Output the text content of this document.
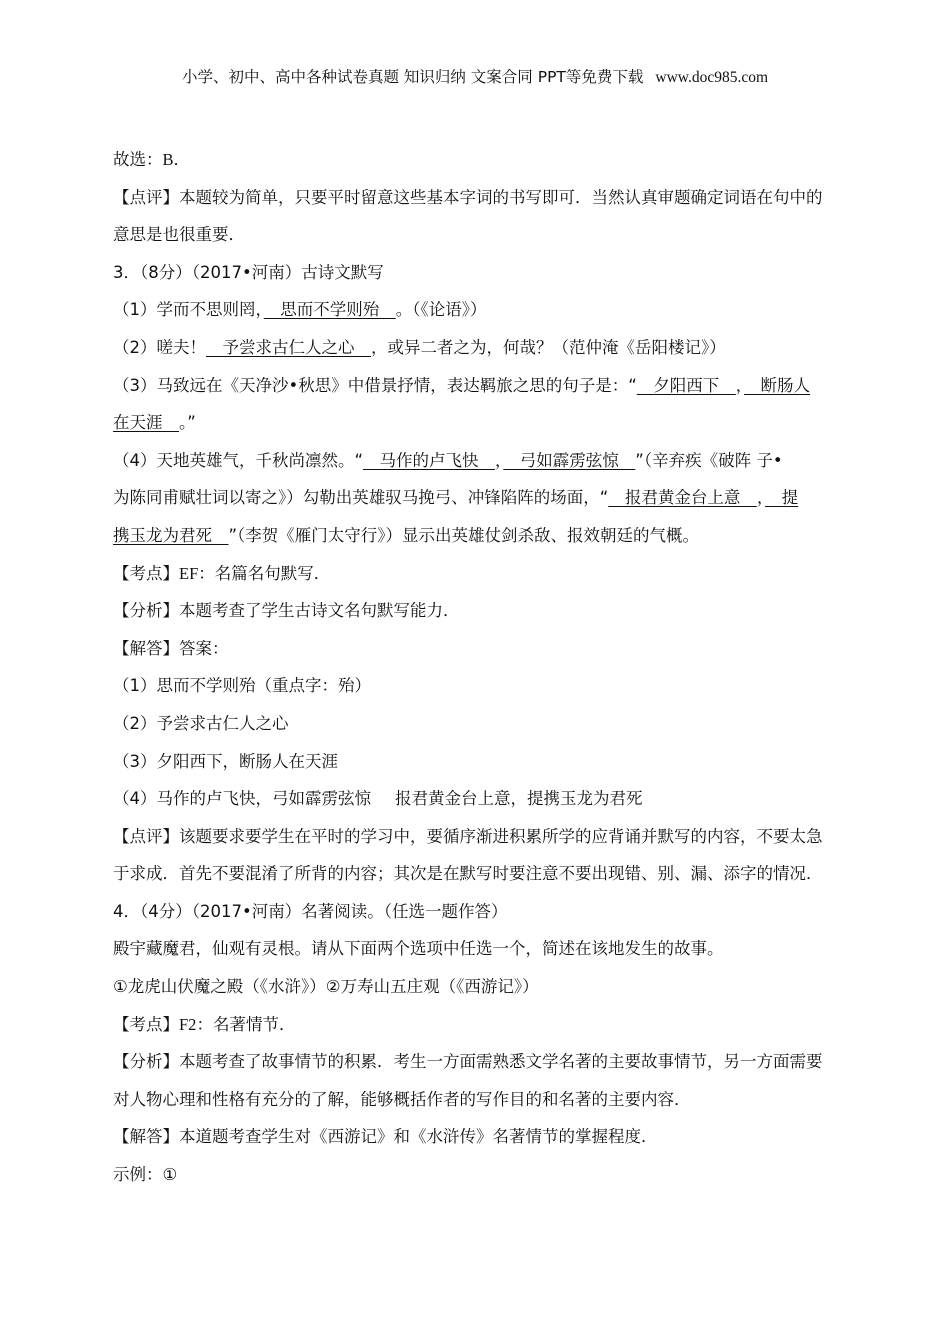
小学、初中、高中各种试卷真题 知识归纳 文案合同 PPT等免费下载 www.doc985.com
故选：B．
【点评】本题较为简单，只要平时留意这些基本字词的书写即可．当然认真审题确定词语在句中的
意思是也很重要．
3．（8分）（2017•河南）古诗文默写
（1）学而不思则罔，　思而不学则殆　。（《论语》）
（2）嗟夫！　予尝求古仁人之心　，或异二者之为，何哉？（范仲淹《岳阳楼记》）
（3）马致远在《天净沙•秋思》中借景抒情，表达羁旅之思的句子是：“　夕阳西下　，　断肠人
在天涯　。”
（4）天地英雄气，千秋尚凛然。“　马作的卢飞快　，　弓如霹雳弦惊　”（辛弃疾《破阵 子•
为陈同甫赋壮词以寄之》）勾勒出英雄驭马挽弓、冲锋陷阵的场面，“　报君黄金台上意　，　提
携玉龙为君死　”（李贺《雁门太守行》）显示出英雄仗剑杀敌、报效朝廷的气概。
【考点】EF：名篇名句默写．
【分析】本题考查了学生古诗文名句默写能力．
【解答】答案：
（1）思而不学则殆（重点字：殆）
（2）予尝求古仁人之心
（3）夕阳西下，断肠人在天涯
（4）马作的卢飞快，弓如霹雳弦惊 报君黄金台上意，提携玉龙为君死
【点评】该题要求要学生在平时的学习中，要循序渐进积累所学的应背诵并默写的内容，不要太急
于求成．首先不要混淆了所背的内容；其次是在默写时要注意不要出现错、别、漏、添字的情况．
4．（4分）（2017•河南）名著阅读。（任选一题作答）
殿宇藏魔君，仙观有灵根。请从下面两个选项中任选一个，简述在该地发生的故事。
①龙虎山伏魔之殿（《水浒》）②万寿山五庄观（《西游记》）
【考点】F2：名著情节．
【分析】本题考查了故事情节的积累．考生一方面需熟悉文学名著的主要故事情节，另一方面需要
对人物心理和性格有充分的了解，能够概括作者的写作目的和名著的主要内容．
【解答】本道题考查学生对《西游记》和《水浒传》名著情节的掌握程度．
示例：①
